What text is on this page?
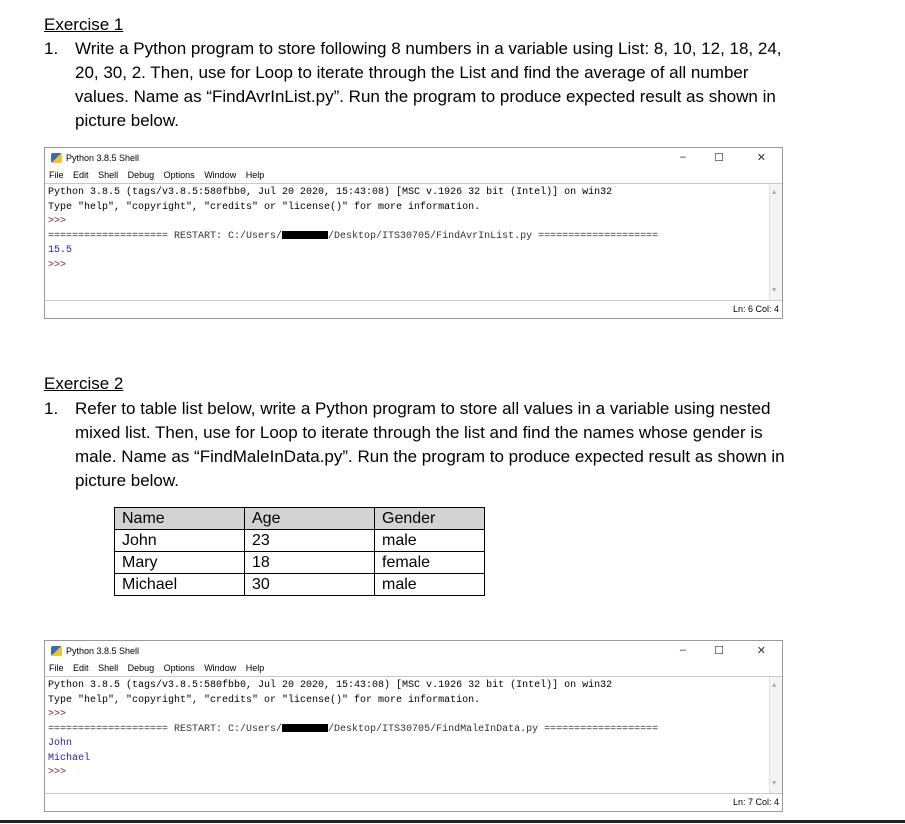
Exercise 1
1. Write a Python program to store following 8 numbers in a variable using List: 8, 10, 12, 18, 24, 20, 30, 2. Then, use for Loop to iterate through the List and find the average of all number values. Name as “FindAvrInList.py”. Run the program to produce expected result as shown in picture below.
Python 3.8.5 Shell	–	☐	✕
File Edit Shell Debug Options Window Help
Python 3.8.5 (tags/v3.8.5:580fbb0, Jul 20 2020, 15:43:08) [MSC v.1926 32 bit (Intel)] on win32
Type "help", "copyright", "credits" or "license()" for more information.
>>>
==================== RESTART: C:/Users/	/Desktop/ITS30705/FindAvrInList.py ====================
15.5
>>>
▲
▼
Ln: 6 Col: 4
Exercise 2
1. Refer to table list below, write a Python program to store all values in a variable using nested mixed list. Then, use for Loop to iterate through the list and find the names whose gender is male. Name as “FindMaleInData.py”. Run the program to produce expected result as shown in picture below.
Name	Age	Gender
John	23	male
Mary	18	female
Michael	30	male
Python 3.8.5 Shell	–	☐	✕
File Edit Shell Debug Options Window Help
Python 3.8.5 (tags/v3.8.5:580fbb0, Jul 20 2020, 15:43:08) [MSC v.1926 32 bit (Intel)] on win32
Type "help", "copyright", "credits" or "license()" for more information.
>>>
==================== RESTART: C:/Users/	/Desktop/ITS30705/FindMaleInData.py ===================
John
Michael
>>>
▲
▼
Ln: 7 Col: 4
